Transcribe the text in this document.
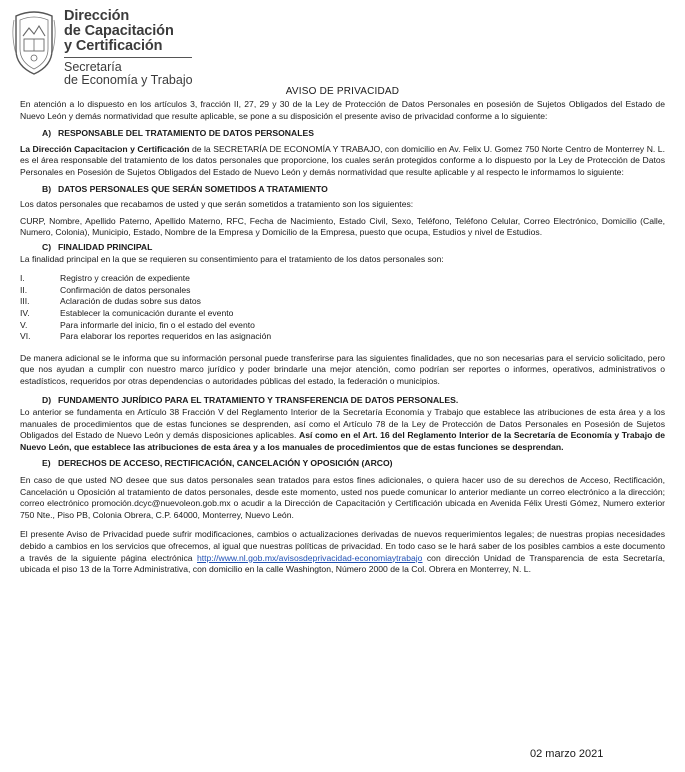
Dirección
de Capacitación
y Certificación
Secretaría
de Economía y Trabajo
AVISO DE PRIVACIDAD

En atención a lo dispuesto en los artículos 3, fracción II, 27, 29 y 30 de la Ley de Protección de Datos Personales en posesión de Sujetos Obligados del Estado de Nuevo León y demás normatividad que resulte aplicable, se pone a su disposición el presente aviso de privacidad conforme a lo siguiente:

A) RESPONSABLE DEL TRATAMIENTO DE DATOS PERSONALES

La Dirección Capacitacion y Certificación de la SECRETARÍA DE ECONOMÍA Y TRABAJO, con domicilio en Av. Felix U. Gomez 750 Norte Centro de Monterrey N. L. es el área responsable del tratamiento de los datos personales que proporcione, los cuales serán protegidos conforme a lo dispuesto por la Ley de Protección de Datos Personales en Posesión de Sujetos Obligados del Estado de Nuevo León y demás normatividad que resulte aplicable y al respecto le informamos lo siguiente:

B) DATOS PERSONALES QUE SERÁN SOMETIDOS A TRATAMIENTO

Los datos personales que recabamos de usted y que serán sometidos a tratamiento son los siguientes:

CURP, Nombre, Apellido Paterno, Apellido Materno, RFC, Fecha de Nacimiento, Estado Civil, Sexo, Teléfono, Teléfono Celular, Correo Electrónico, Domicilio (Calle, Numero, Colonia), Municipio, Estado, Nombre de la Empresa y Domicilio de la Empresa, puesto que ocupa, Estudios y nivel de Estudios.

C) FINALIDAD PRINCIPAL

La finalidad principal en la que se requieren su consentimiento para el tratamiento de los datos personales son:

I.	Registro y creación de expediente
II.	Confirmación de datos personales
III.	Aclaración de dudas sobre sus datos
IV.	Establecer la comunicación durante el evento
V.	Para informarle del inicio, fin o el estado del evento
VI.	Para elaborar los reportes requeridos en las asignación

De manera adicional se le informa que su información personal puede transferirse para las siguientes finalidades, que no son necesarias para el servicio solicitado, pero que nos ayudan a cumplir con nuestro marco jurídico y poder brindarle una mejor atención, como podrían ser reportes o informes, operativos, administrativos o estadísticos, requeridos por otras dependencias o autoridades públicas del estado, la federación o municipios.

D) FUNDAMENTO JURÍDICO PARA EL TRATAMIENTO Y TRANSFERENCIA DE DATOS PERSONALES.

Lo anterior se fundamenta en Artículo 38 Fracción V del Reglamento Interior de la Secretaría Economía y Trabajo que establece las atribuciones de esta área y a los manuales de procedimientos que de estas funciones se desprenden, así como el Artículo 78 de la Ley de Protección de Datos Personales en Posesión de Sujetos Obligados del Estado de Nuevo León y demás disposiciones aplicables. Así como en el Art. 16 del Reglamento Interior de la Secretaría de Economía y Trabajo de Nuevo León, que establece las atribuciones de esta área y a los manuales de procedimientos que de estas funciones se desprendan.

E) DERECHOS DE ACCESO, RECTIFICACIÓN, CANCELACIÓN Y OPOSICIÓN (ARCO)

En caso de que usted NO desee que sus datos personales sean tratados para estos fines adicionales, o quiera hacer uso de su derechos de Acceso, Rectificación, Cancelación u Oposición al tratamiento de datos personales, desde este momento, usted nos puede comunicar lo anterior mediante un correo electrónico a la dirección; correo electrónico promoción.dcyc@nuevoleon.gob.mx o acudir a la Dirección de Capacitación y Certificación ubicada en Avenida Félix Uresti Gómez, Numero exterior 750 Nte., Piso PB, Colonia Obrera, C.P. 64000, Monterrey, Nuevo León.

El presente Aviso de Privacidad puede sufrir modificaciones, cambios o actualizaciones derivadas de nuevos requerimientos legales; de nuestras propias necesidades debido a cambios en los servicios que ofrecemos, al igual que nuestras políticas de privacidad. En todo caso se le hará saber de los posibles cambios a este documento a través de la siguiente página electrónica http://www.nl.gob.mx/avisosdeprivacidad-economiaytrabajo con dirección Unidad de Transparencia de esta Secretaría, ubicada el piso 13 de la Torre Administrativa, con domicilio en la calle Washington, Número 2000 de la Col. Obrera en Monterrey, N. L.

02 marzo 2021
